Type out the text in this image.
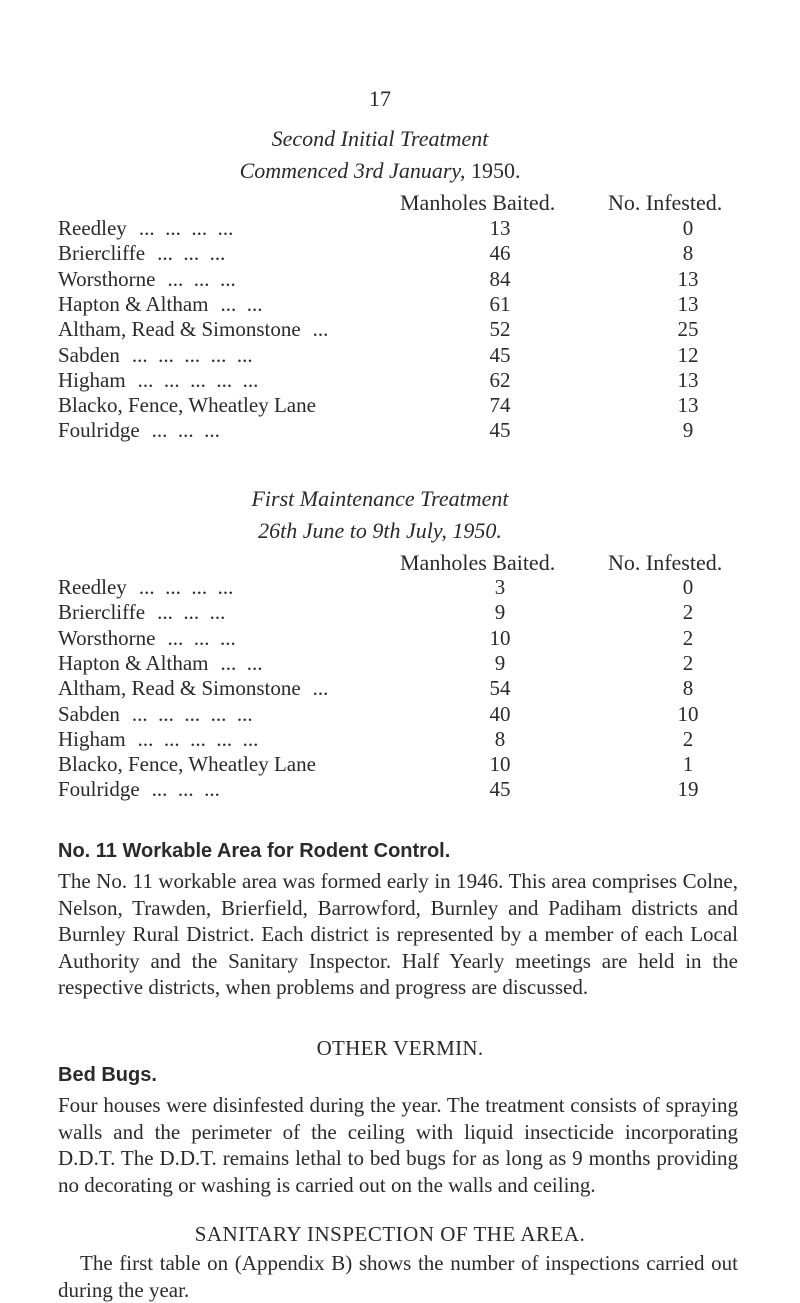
17
Second Initial Treatment
Commenced 3rd January, 1950.
Manholes Baited. No. Infested.
Reedley ...  ...  ...  ...	13	0
Briercliffe ...  ...  ...	46	8
Worsthorne ...  ...  ...	84	13
Hapton & Altham ...  ...	61	13
Altham, Read & Simonstone ...	52	25
Sabden ...  ...  ...  ...  ...	45	12
Higham ...  ...  ...  ...  ...	62	13
Blacko, Fence, Wheatley Lane	74	13
Foulridge ...  ...  ...	45	9
First Maintenance Treatment
26th June to 9th July, 1950.
Manholes Baited. No. Infested.
Reedley ...  ...  ...  ...	3	0
Briercliffe ...  ...  ...	9	2
Worsthorne ...  ...  ...	10	2
Hapton & Altham ...  ...	9	2
Altham, Read & Simonstone ...	54	8
Sabden ...  ...  ...  ...  ...	40	10
Higham ...  ...  ...  ...  ...	8	2
Blacko, Fence, Wheatley Lane	10	1
Foulridge ...  ...  ...	45	19
No. 11 Workable Area for Rodent Control.
The No. 11 workable area was formed early in 1946. This area comprises Colne, Nelson, Trawden, Brierfield, Barrowford, Burnley and Padiham districts and Burnley Rural District. Each district is represented by a member of each Local Authority and the Sanitary Inspector. Half Yearly meetings are held in the respective districts, when problems and progress are discussed.
OTHER VERMIN.
Bed Bugs.
Four houses were disinfested during the year. The treatment consists of spraying walls and the perimeter of the ceiling with liquid insecticide incorporating D.D.T. The D.D.T. remains lethal to bed bugs for as long as 9 months providing no decorating or washing is carried out on the walls and ceiling.
SANITARY INSPECTION OF THE AREA.
The first table on (Appendix B) shows the number of inspections carried out during the year.
